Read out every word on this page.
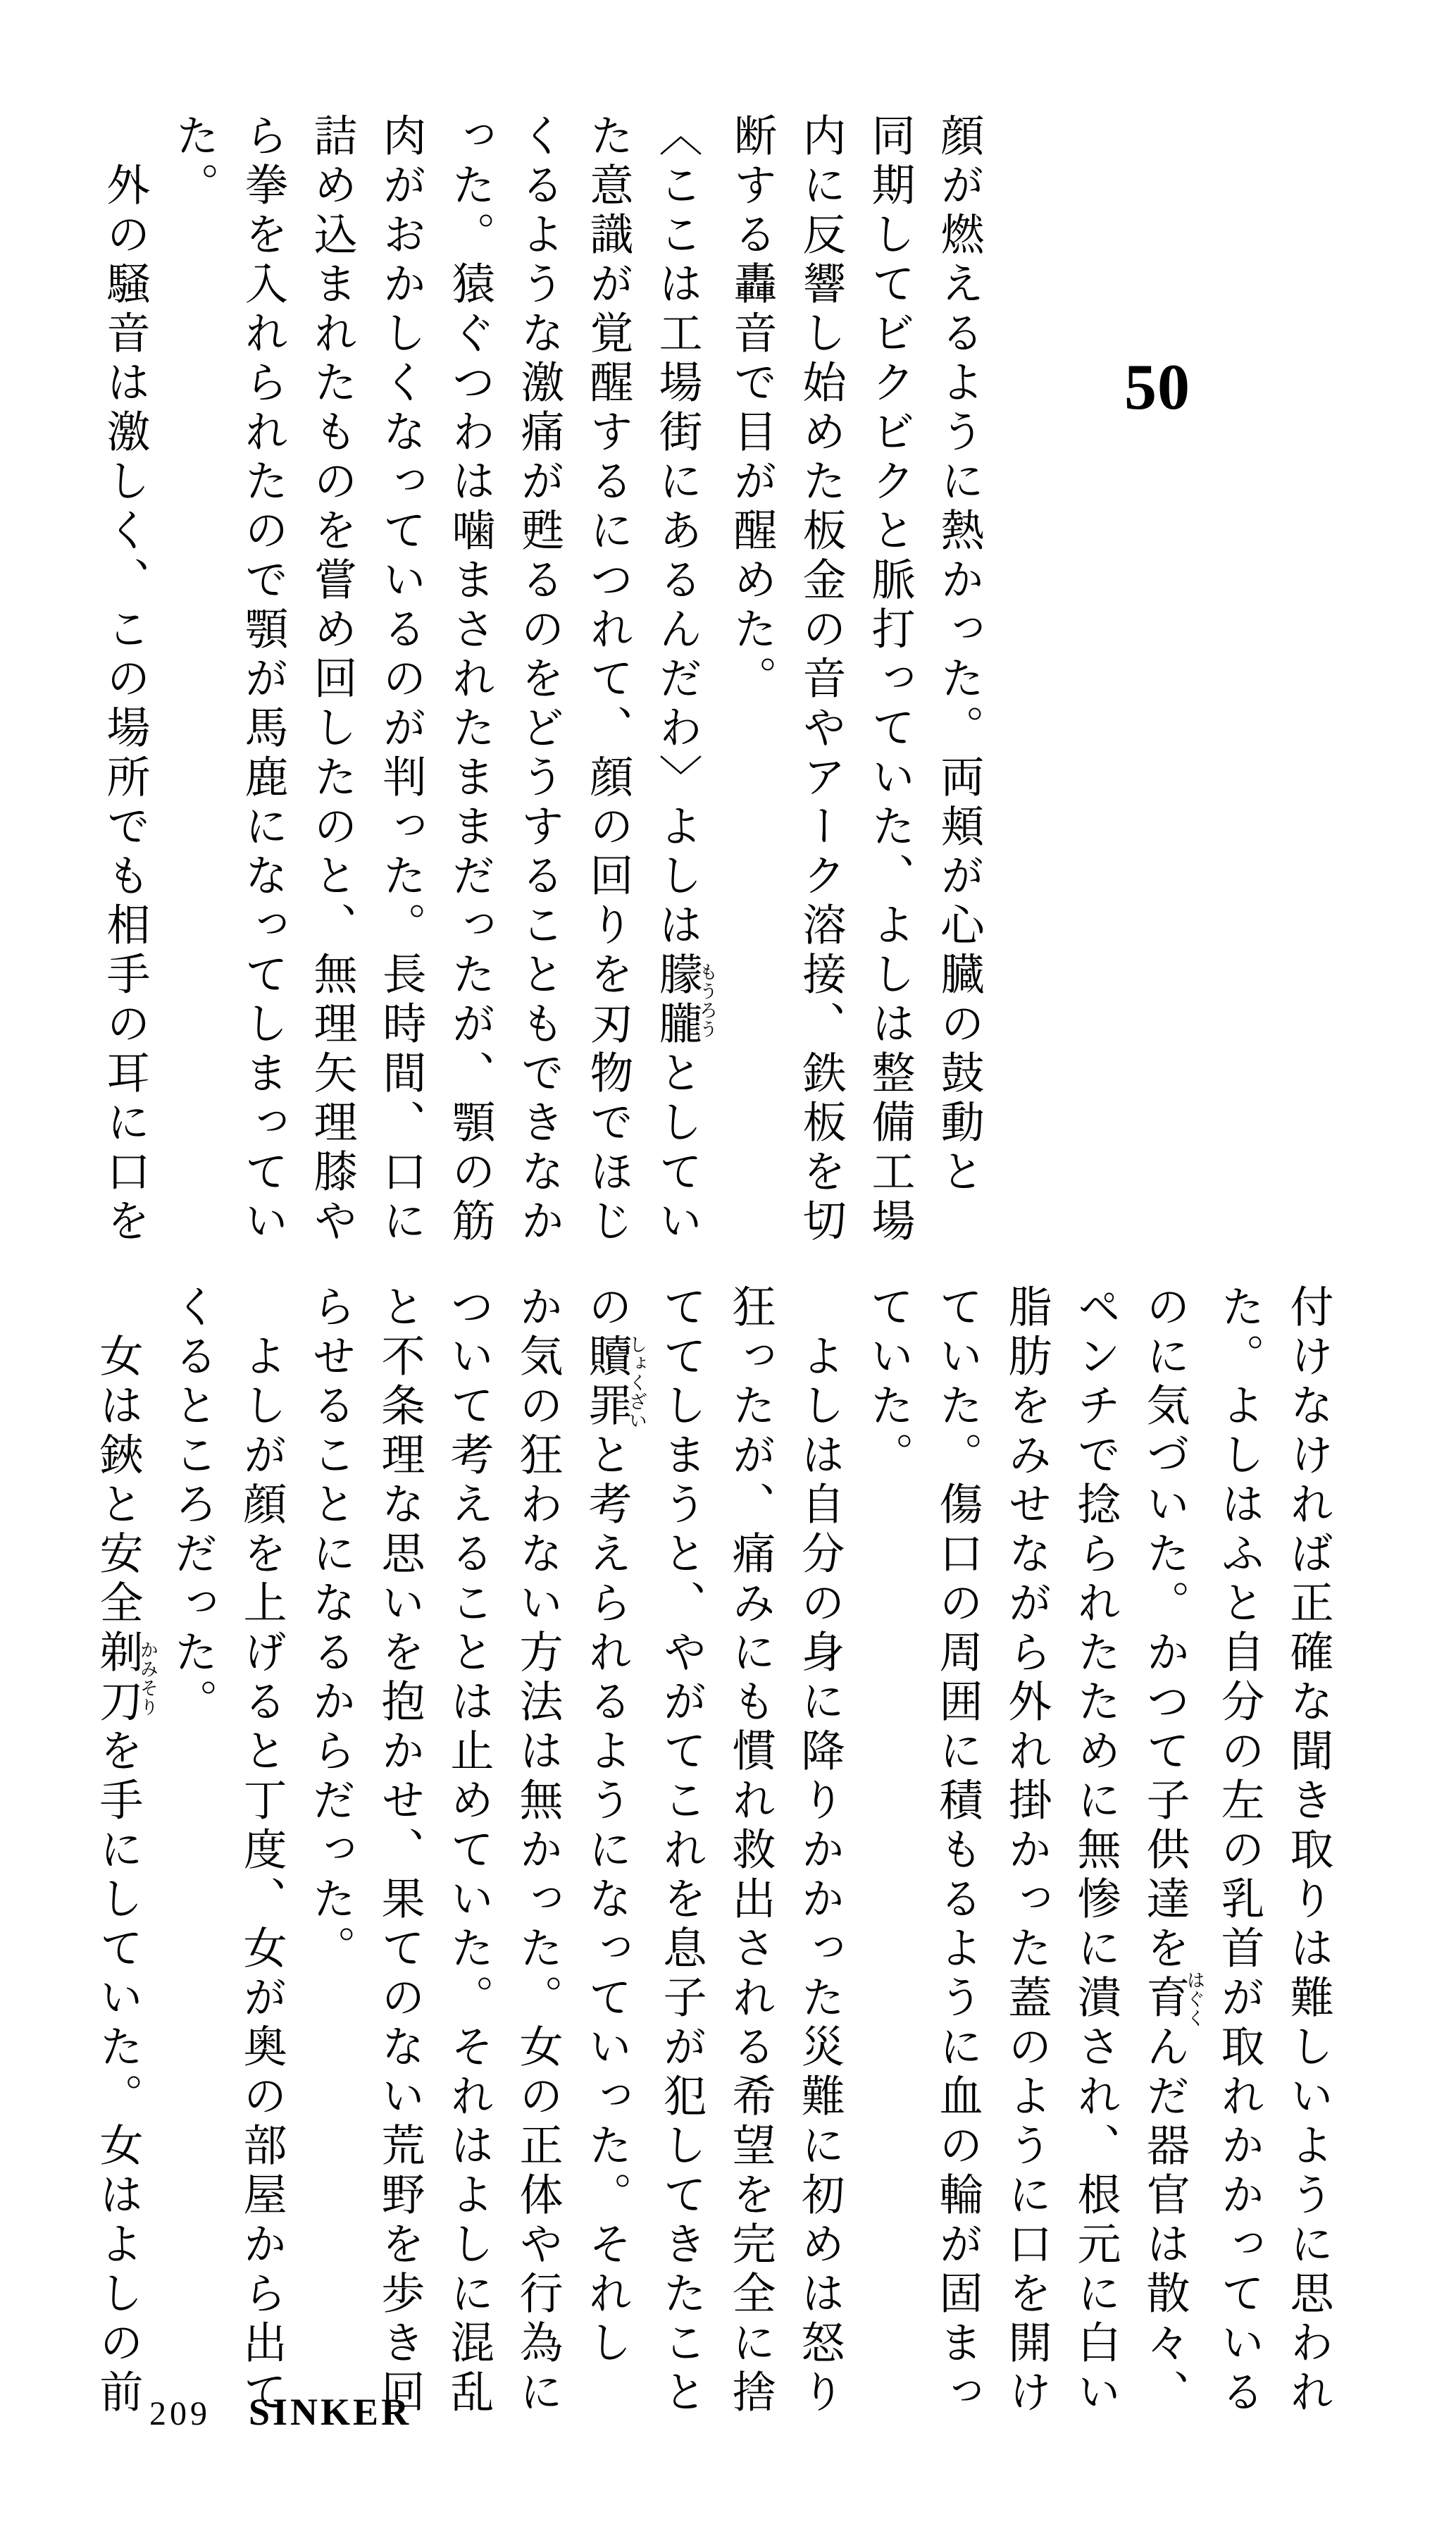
50

顔が燃えるように熱かった。両頬が心臓の鼓動と

同期してビクビクと脈打っていた、よしは整備工場

内に反響し始めた板金の音やアーク溶接、鉄板を切

断する轟音で目が醒めた。

〈ここは工場街にあるんだわ〉よしは朦朧もうろうとしてい

た意識が覚醒するにつれて、顔の回りを刃物でほじ

くるような激痛が甦るのをどうすることもできなか

った。猿ぐつわは噛まされたままだったが、顎の筋

肉がおかしくなっているのが判った。長時間、口に

詰め込まれたものを嘗め回したのと、無理矢理膝や

ら拳を入れられたので顎が馬鹿になってしまってい

た。

　外の騒音は激しく、この場所でも相手の耳に口を

付けなければ正確な聞き取りは難しいように思われ

た。よしはふと自分の左の乳首が取れかかっている

のに気づいた。かつて子供達を育はぐくんだ器官は散々、

ペンチで捻られたために無惨に潰され、根元に白い

脂肪をみせながら外れ掛かった蓋のように口を開け

ていた。傷口の周囲に積もるように血の輪が固まっ

ていた。

　よしは自分の身に降りかかった災難に初めは怒り

狂ったが、痛みにも慣れ救出される希望を完全に捨

ててしまうと、やがてこれを息子が犯してきたこと

の贖罪しょくざいと考えられるようになっていった。それし

か気の狂わない方法は無かった。女の正体や行為に

ついて考えることは止めていた。それはよしに混乱

と不条理な思いを抱かせ、果てのない荒野を歩き回

らせることになるからだった。

　よしが顔を上げると丁度、女が奥の部屋から出て

くるところだった。

　女は鋏と安全剃刀かみそりを手にしていた。女はよしの前 209 SINKER
